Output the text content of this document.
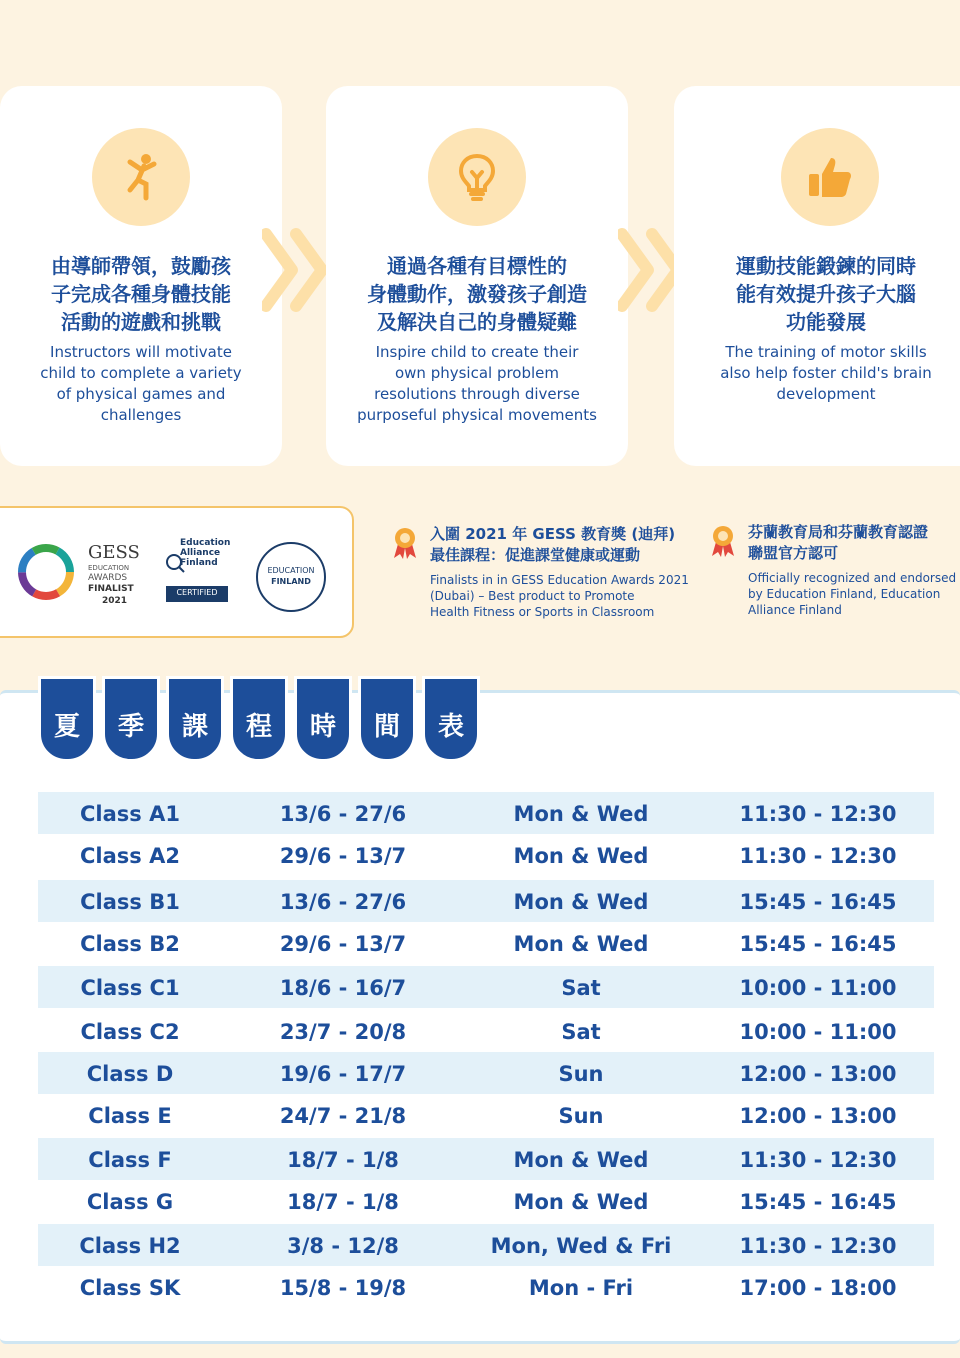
由導師帶領，鼓勵孩
子完成各種身體技能
活動的遊戲和挑戰
Instructors will motivate
child to complete a variety
of physical games and
challenges
通過各種有目標性的
身體動作，激發孩子創造
及解決自己的身體疑難
Inspire child to create their
own physical problem
resolutions through diverse
purposeful physical movements
運動技能鍛鍊的同時
能有效提升孩子大腦
功能發展
The training of motor skills
also help foster child's brain
development
GESS
EDUCATION
AWARDS
FINALIST
2021
Education
Alliance
Finland
CERTIFIED
EDUCATION
FINLAND
入圍 2021 年 GESS 教育獎 (迪拜)
最佳課程：促進課堂健康或運動
Finalists in in GESS Education Awards 2021
(Dubai) – Best product to Promote
Health Fitness or Sports in Classroom
芬蘭教育局和芬蘭教育認證
聯盟官方認可
Officially recognized and endorsed
by Education Finland, Education
Alliance Finland
夏	季	課	程	時	間	表
Class A1	13/6 - 27/6	Mon & Wed	11:30 - 12:30
Class A2	29/6 - 13/7	Mon & Wed	11:30 - 12:30
Class B1	13/6 - 27/6	Mon & Wed	15:45 - 16:45
Class B2	29/6 - 13/7	Mon & Wed	15:45 - 16:45
Class C1	18/6 - 16/7	Sat	10:00 - 11:00
Class C2	23/7 - 20/8	Sat	10:00 - 11:00
Class D	19/6 - 17/7	Sun	12:00 - 13:00
Class E	24/7 - 21/8	Sun	12:00 - 13:00
Class F	18/7 - 1/8	Mon & Wed	11:30 - 12:30
Class G	18/7 - 1/8	Mon & Wed	15:45 - 16:45
Class H2	3/8 - 12/8	Mon, Wed & Fri	11:30 - 12:30
Class SK	15/8 - 19/8	Mon - Fri	17:00 - 18:00
